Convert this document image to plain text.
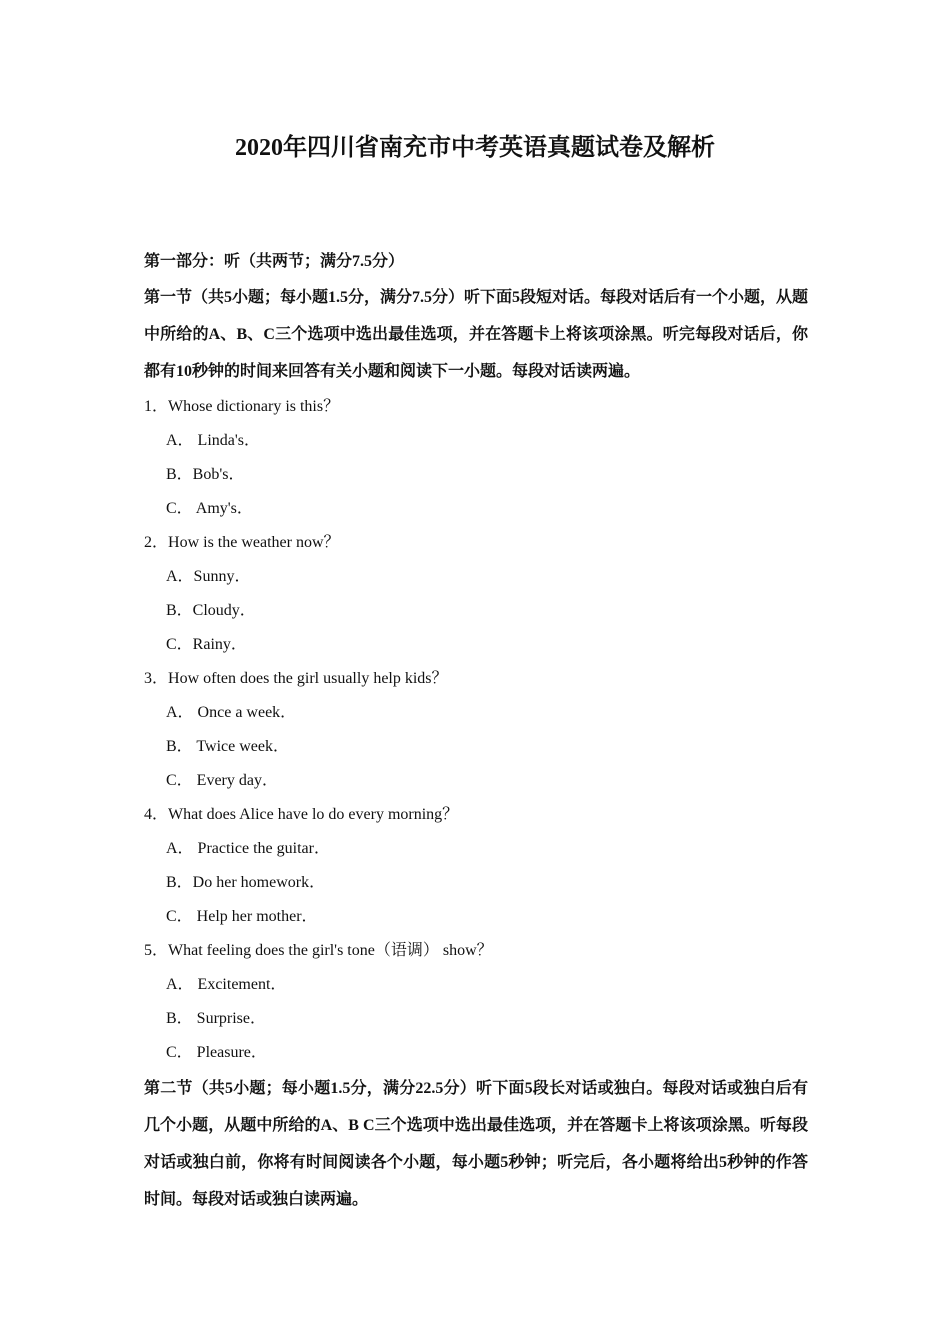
2020年四川省南充市中考英语真题试卷及解析
第一部分：听（共两节；满分7.5分）
第一节（共5小题；每小题1.5分，满分7.5分）听下面5段短对话。每段对话后有一个小题，从题中所给的A、B、C三个选项中选出最佳选项，并在答题卡上将该项涂黑。听完每段对话后，你都有10秒钟的时间来回答有关小题和阅读下一小题。每段对话读两遍。
1．Whose dictionary is this？
A． Linda's．
B．Bob's．
C． Amy's．
2．How is the weather now？
A．Sunny．
B．Cloudy．
C．Rainy．
3．How often does the girl usually help kids？
A． Once a week．
B． Twice week．
C． Every day．
4．What does Alice have lo do every morning？
A． Practice the guitar．
B．Do her homework．
C． Help her mother．
5．What feeling does the girl's tone（语调） show？
A． Excitement．
B． Surprise．
C． Pleasure．
第二节（共5小题；每小题1.5分，满分22.5分）听下面5段长对话或独白。每段对话或独白后有几个小题，从题中所给的A、B C三个选项中选出最佳选项，并在答题卡上将该项涂黑。听每段对话或独白前，你将有时间阅读各个小题，每小题5秒钟；听完后，各小题将给出5秒钟的作答时间。每段对话或独白读两遍。
